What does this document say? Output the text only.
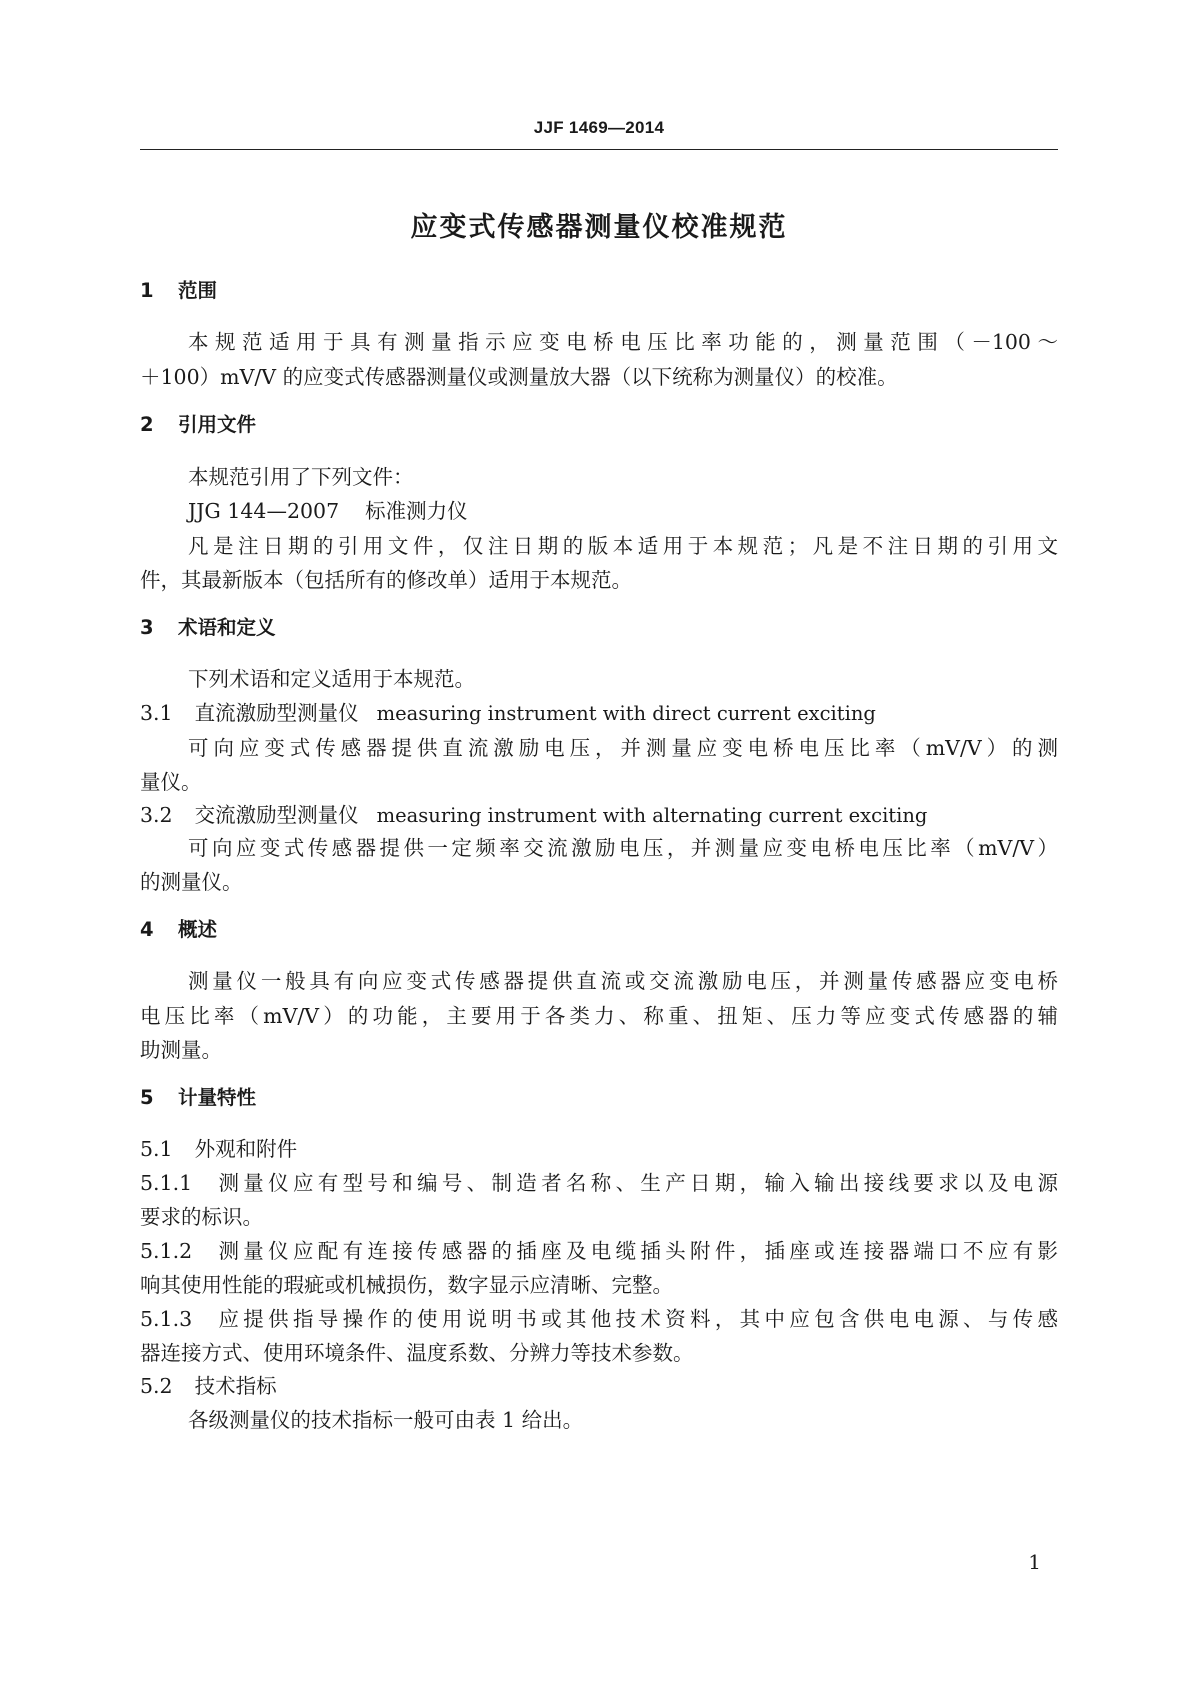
JJF 1469—2014
应变式传感器测量仪校准规范
1 范围
本规范适用于具有测量指示应变电桥电压比率功能的，测量范围（－100～
＋100）mV/V 的应变式传感器测量仪或测量放大器（以下统称为测量仪）的校准。
2 引用文件
本规范引用了下列文件：
JJG 144—2007 标准测力仪
凡是注日期的引用文件，仅注日期的版本适用于本规范；凡是不注日期的引用文
件，其最新版本（包括所有的修改单）适用于本规范。
3 术语和定义
下列术语和定义适用于本规范。
3.1 直流激励型测量仪 measuring instrument with direct current exciting
可向应变式传感器提供直流激励电压，并测量应变电桥电压比率（mV/V）的测
量仪。
3.2 交流激励型测量仪 measuring instrument with alternating current exciting
可向应变式传感器提供一定频率交流激励电压，并测量应变电桥电压比率（mV/V）
的测量仪。
4 概述
测量仪一般具有向应变式传感器提供直流或交流激励电压，并测量传感器应变电桥
电压比率（mV/V）的功能，主要用于各类力、称重、扭矩、压力等应变式传感器的辅
助测量。
5 计量特性
5.1 外观和附件
5.1.1 测量仪应有型号和编号、制造者名称、生产日期，输入输出接线要求以及电源
要求的标识。
5.1.2 测量仪应配有连接传感器的插座及电缆插头附件，插座或连接器端口不应有影
响其使用性能的瑕疵或机械损伤，数字显示应清晰、完整。
5.1.3 应提供指导操作的使用说明书或其他技术资料，其中应包含供电电源、与传感
器连接方式、使用环境条件、温度系数、分辨力等技术参数。
5.2 技术指标
各级测量仪的技术指标一般可由表 1 给出。
1
